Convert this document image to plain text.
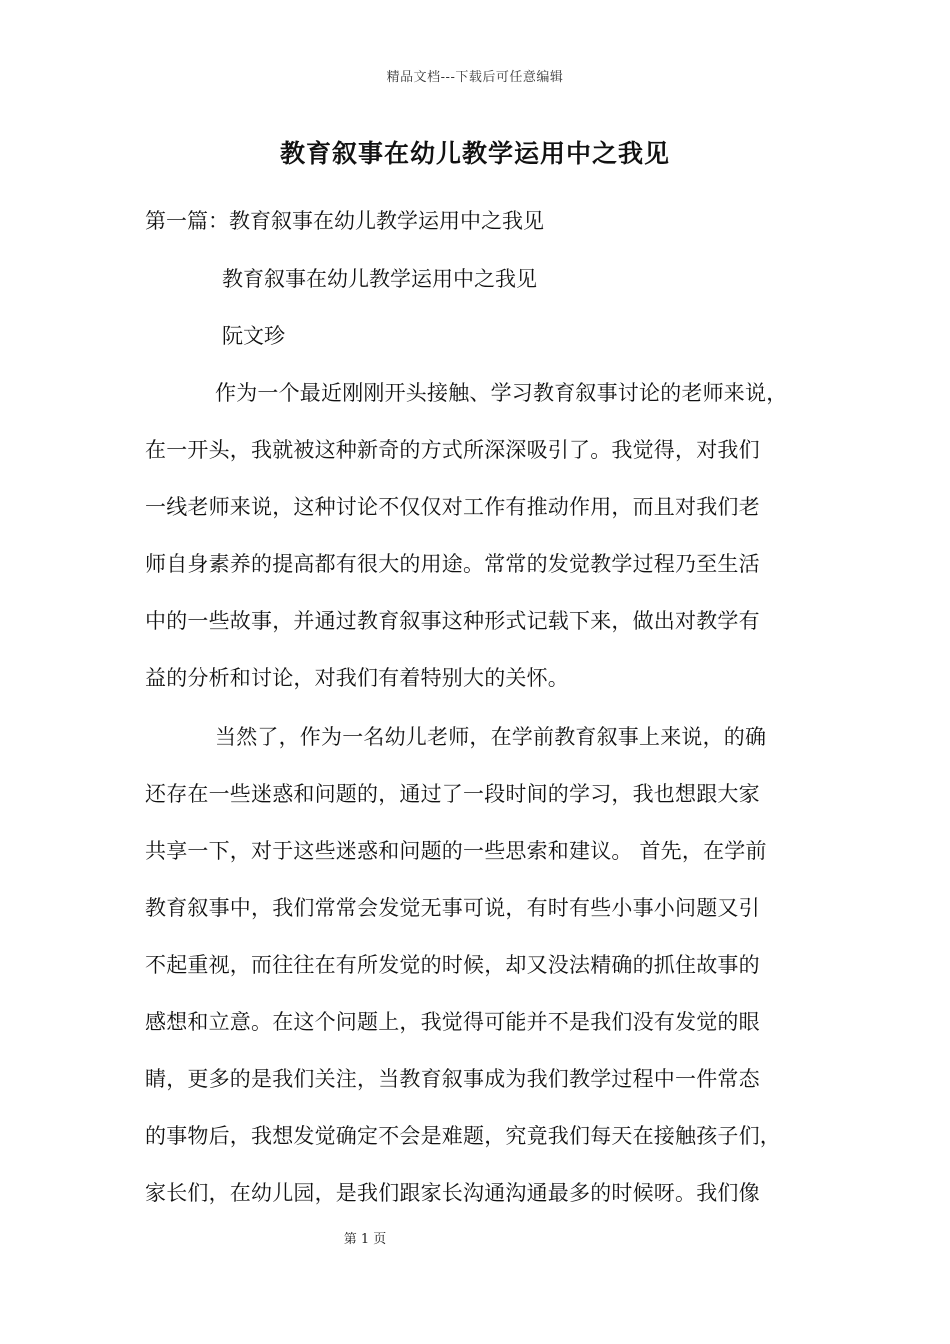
精品文档---下载后可任意编辑
教育叙事在幼儿教学运用中之我见

第一篇：教育叙事在幼儿教学运用中之我见

教育叙事在幼儿教学运用中之我见

阮文珍

作为一个最近刚刚开头接触、学习教育叙事讨论的老师来说，
在一开头，我就被这种新奇的方式所深深吸引了。我觉得，对我们
一线老师来说，这种讨论不仅仅对工作有推动作用，而且对我们老
师自身素养的提高都有很大的用途。常常的发觉教学过程乃至生活
中的一些故事，并通过教育叙事这种形式记载下来，做出对教学有
益的分析和讨论，对我们有着特别大的关怀。
当然了，作为一名幼儿老师，在学前教育叙事上来说，的确
还存在一些迷惑和问题的，通过了一段时间的学习，我也想跟大家
共享一下，对于这些迷惑和问题的一些思索和建议。 首先，在学前
教育叙事中，我们常常会发觉无事可说，有时有些小事小问题又引
不起重视，而往往在有所发觉的时候，却又没法精确的抓住故事的
感想和立意。在这个问题上，我觉得可能并不是我们没有发觉的眼
睛，更多的是我们关注，当教育叙事成为我们教学过程中一件常态
的事物后，我想发觉确定不会是难题，究竟我们每天在接触孩子们，
家长们，在幼儿园，是我们跟家长沟通沟通最多的时候呀。我们像
第 1 页
